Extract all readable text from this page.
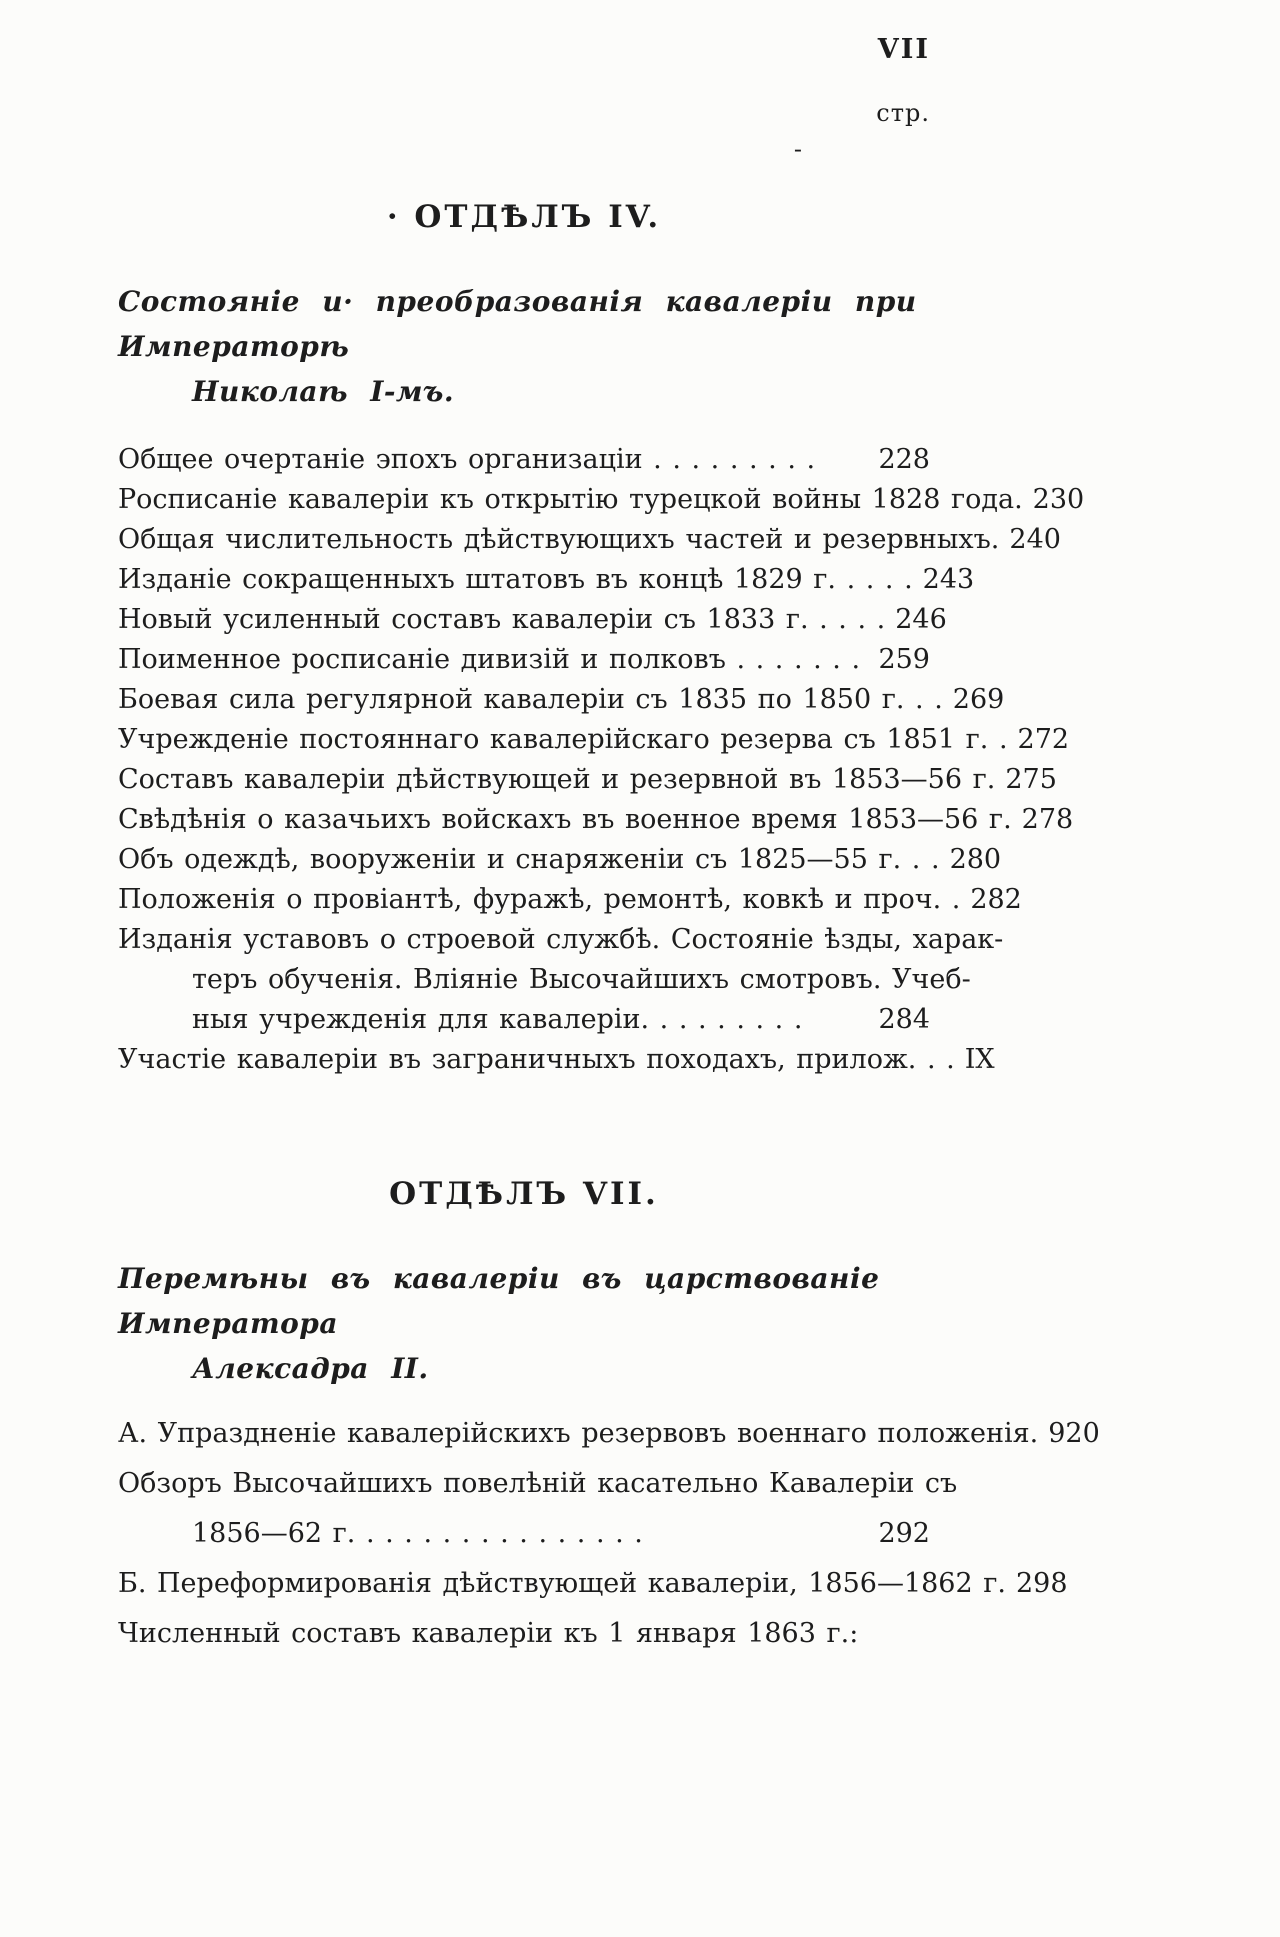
VII
стр.
-
· ОТДѢЛЪ IV.
Состояніе и· преобразованія кавалеріи при Императорѣ
Николаѣ I-мъ.
Общее очертаніе эпохъ организаціи . . . . . . . . .	228
Росписаніе кавалеріи къ открытію турецкой войны 1828 года. 230
Общая числительность дѣйствующихъ частей и резервныхъ. 240
Изданіе сокращенныхъ штатовъ въ концѣ 1829 г. . . . . 243
Новый усиленный составъ кавалеріи съ 1833 г. . . . . 246
Поименное росписаніе дивизій и полковъ . . . . . . . 259
Боевая сила регулярной кавалеріи съ 1835 по 1850 г. . . 269
Учрежденіе постояннаго кавалерійскаго резерва съ 1851 г. . 272
Составъ кавалеріи дѣйствующей и резервной въ 1853—56 г. 275
Свѣдѣнія о казачьихъ войскахъ въ военное время 1853—56 г. 278
Объ одеждѣ, вооруженіи и снаряженіи съ 1825—55 г. . . 280
Положенія о провіантѣ, фуражѣ, ремонтѣ, ковкѣ и проч. . 282
Изданія уставовъ о строевой службѣ. Состояніе ѣзды, харак-
теръ обученія. Вліяніе Высочайшихъ смотровъ. Учеб-
ныя учрежденія для кавалеріи. . . . . . . . .	284
Участіе кавалеріи въ заграничныхъ походахъ, прилож. . . IX
ОТДѢЛЪ VII.
Перемѣны въ кавалеріи въ царствованіе Императора
Алексадра II.
А. Упраздненіе кавалерійскихъ резервовъ военнаго положенія. 920
Обзоръ Высочайшихъ повелѣній касательно Кавалеріи съ
1856—62 г. . . . . . . . . . . . . . . .	292
Б. Переформированія дѣйствующей кавалеріи, 1856—1862 г. 298
Численный составъ кавалеріи къ 1 января 1863 г.:
